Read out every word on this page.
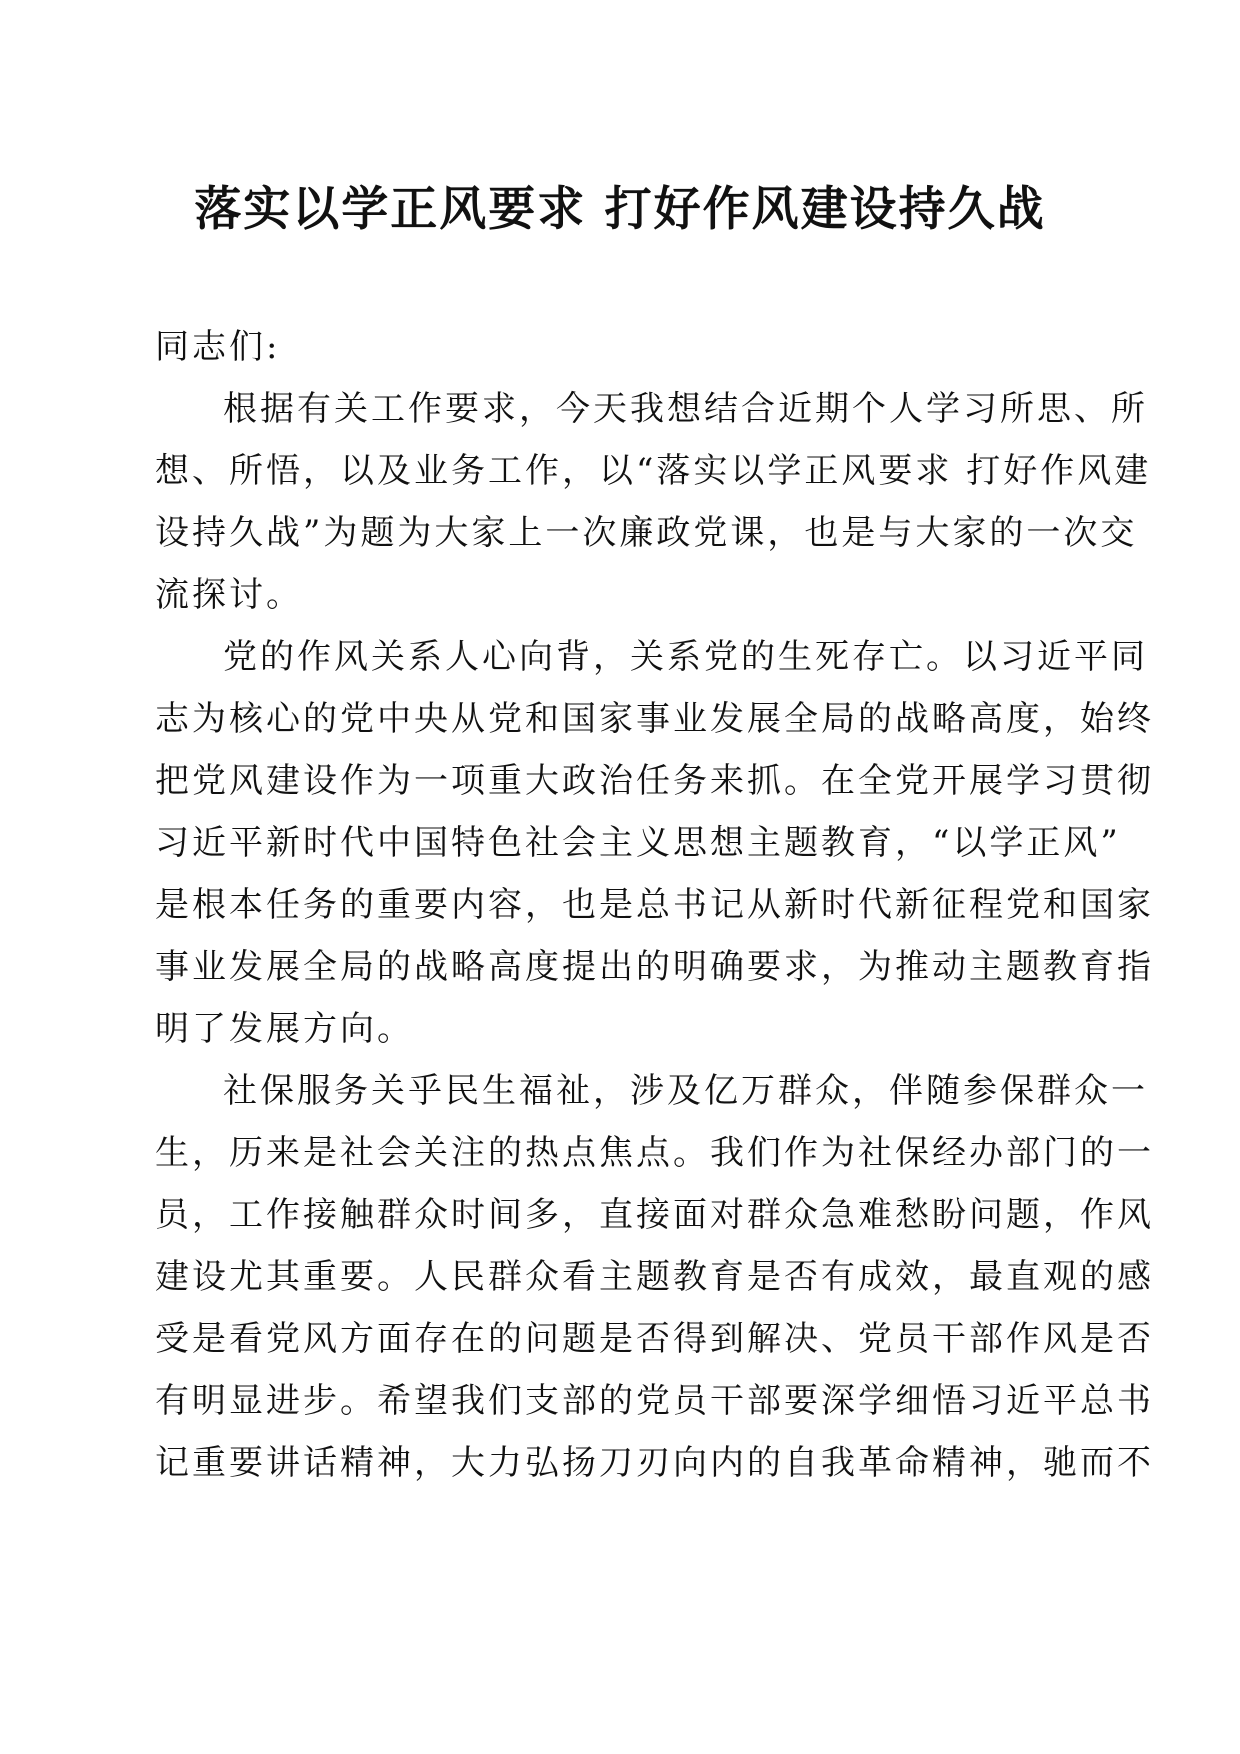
落实以学正风要求 打好作风建设持久战

同志们:

根据有关工作要求，今天我想结合近期个人学习所思、所
想、所悟，以及业务工作，以“落实以学正风要求 打好作风建
设持久战”为题为大家上一次廉政党课，也是与大家的一次交
流探讨。
党的作风关系人心向背，关系党的生死存亡。以习近平同
志为核心的党中央从党和国家事业发展全局的战略高度，始终
把党风建设作为一项重大政治任务来抓。在全党开展学习贯彻
习近平新时代中国特色社会主义思想主题教育，“以学正风”
是根本任务的重要内容，也是总书记从新时代新征程党和国家
事业发展全局的战略高度提出的明确要求，为推动主题教育指
明了发展方向。
社保服务关乎民生福祉，涉及亿万群众，伴随参保群众一
生，历来是社会关注的热点焦点。我们作为社保经办部门的一
员，工作接触群众时间多，直接面对群众急难愁盼问题，作风
建设尤其重要。人民群众看主题教育是否有成效，最直观的感
受是看党风方面存在的问题是否得到解决、党员干部作风是否
有明显进步。希望我们支部的党员干部要深学细悟习近平总书
记重要讲话精神，大力弘扬刀刃向内的自我革命精神，驰而不
